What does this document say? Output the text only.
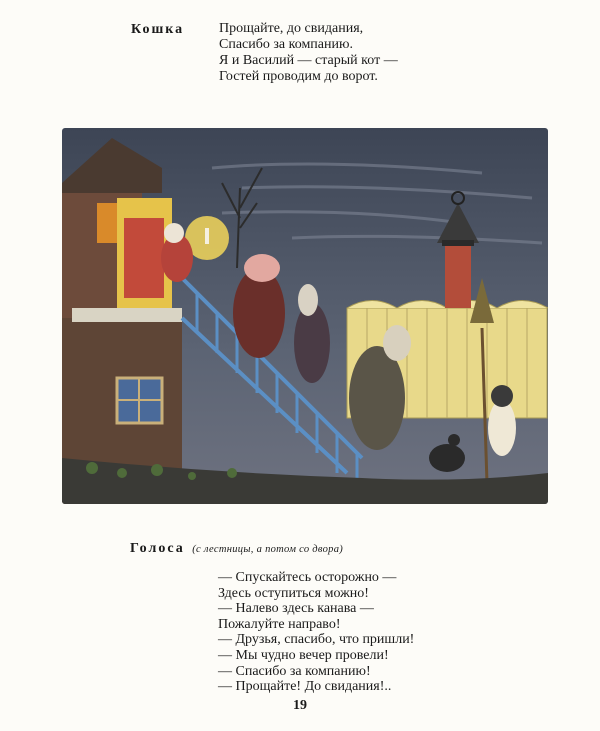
Кошка Прощайте, до свидания,
Спасибо за компанию.
Я и Василий — старый кот —
Гостей проводим до ворот.
Голоса (с лестницы, а потом со двора)
— Спускайтесь осторожно —
Здесь оступиться можно!
— Налево здесь канава —
Пожалуйте направо!
— Друзья, спасибо, что пришли!
— Мы чудно вечер провели!
— Спасибо за компанию!
— Прощайте! До свидания!..
19
